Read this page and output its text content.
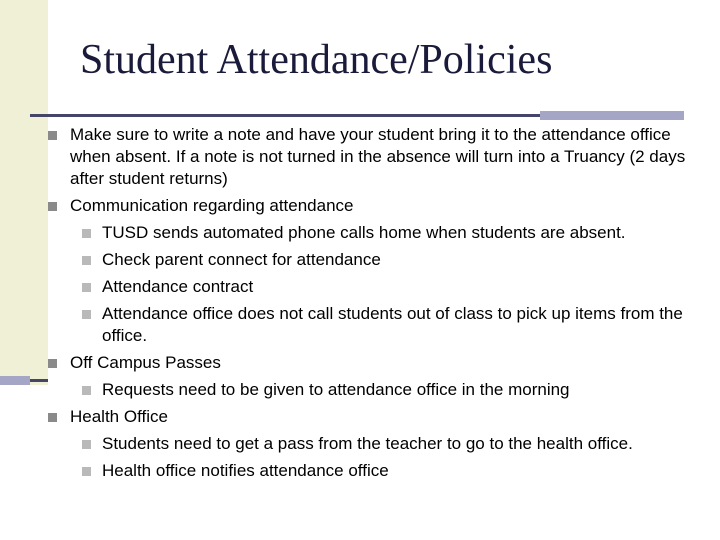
Student Attendance/Policies
Make sure to write a note and have your student bring it to the attendance office when absent. If a note is not turned in the absence will turn into a Truancy (2 days after student returns)
Communication regarding attendance
TUSD sends automated phone calls home when students are absent.
Check parent connect for attendance
Attendance contract
Attendance office does not call students out of class to pick up items from the office.
Off Campus Passes
Requests need to be given to attendance office in the morning
Health Office
Students need to get a pass from the teacher to go to the health office.
Health office notifies attendance office
